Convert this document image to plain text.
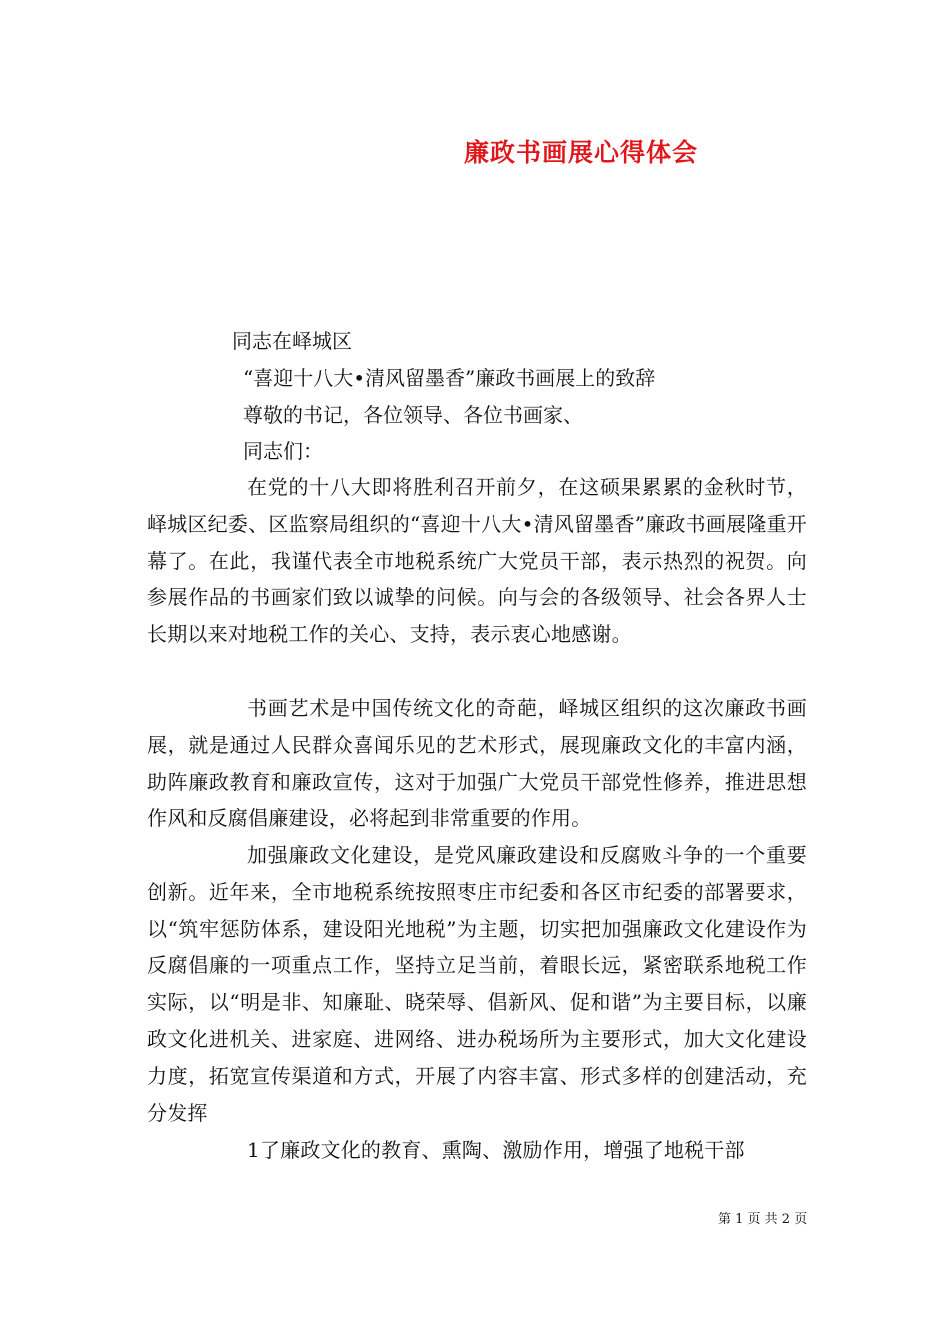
廉政书画展心得体会
同志在峄城区
“喜迎十八大•清风留墨香”廉政书画展上的致辞
尊敬的书记，各位领导、各位书画家、
同志们：

在党的十八大即将胜利召开前夕，在这硕果累累的金秋时节，峄城区纪委、区监察局组织的“喜迎十八大•清风留墨香”廉政书画展隆重开幕了。在此，我谨代表全市地税系统广大党员干部，表示热烈的祝贺。向参展作品的书画家们致以诚挚的问候。向与会的各级领导、社会各界人士长期以来对地税工作的关心、支持，表示衷心地感谢。

书画艺术是中国传统文化的奇葩，峄城区组织的这次廉政书画展，就是通过人民群众喜闻乐见的艺术形式，展现廉政文化的丰富内涵，助阵廉政教育和廉政宣传，这对于加强广大党员干部党性修养，推进思想作风和反腐倡廉建设，必将起到非常重要的作用。

加强廉政文化建设，是党风廉政建设和反腐败斗争的一个重要创新。近年来，全市地税系统按照枣庄市纪委和各区市纪委的部署要求，以“筑牢惩防体系，建设阳光地税”为主题，切实把加强廉政文化建设作为反腐倡廉的一项重点工作，坚持立足当前，着眼长远，紧密联系地税工作实际，以“明是非、知廉耻、晓荣辱、倡新风、促和谐”为主要目标，以廉政文化进机关、进家庭、进网络、进办税场所为主要形式，加大文化建设力度，拓宽宣传渠道和方式，开展了内容丰富、形式多样的创建活动，充分发挥

1了廉政文化的教育、熏陶、激励作用，增强了地税干部

第 1 页 共 2 页
